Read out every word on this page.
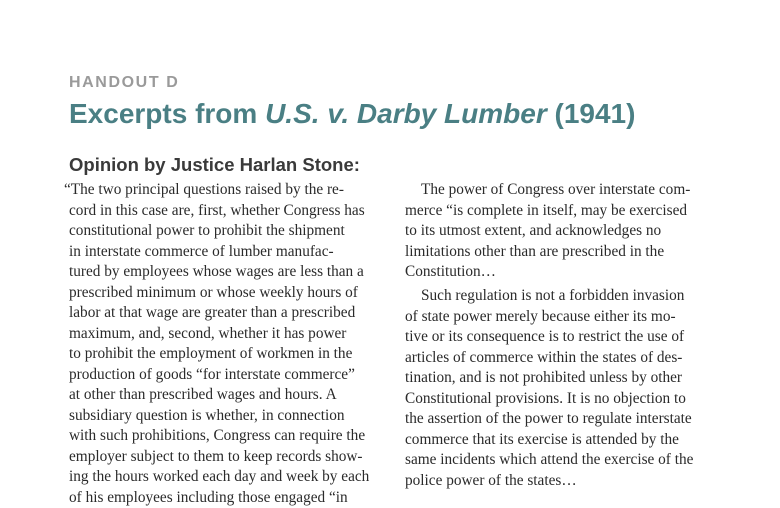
HANDOUT D

Excerpts from U.S. v. Darby Lumber (1941)
Opinion by Justice Harlan Stone:
“The two principal questions raised by the re-
cord in this case are, first, whether Congress has
constitutional power to prohibit the shipment
in interstate commerce of lumber manufac-
tured by employees whose wages are less than a
prescribed minimum or whose weekly hours of
labor at that wage are greater than a prescribed
maximum, and, second, whether it has power
to prohibit the employment of workmen in the
production of goods “for interstate commerce”
at other than prescribed wages and hours. A
subsidiary question is whether, in connection
with such prohibitions, Congress can require the
employer subject to them to keep records show-
ing the hours worked each day and week by each
of his employees including those engaged “in
The power of Congress over interstate com-
merce “is complete in itself, may be exercised
to its utmost extent, and acknowledges no
limitations other than are prescribed in the
Constitution…
Such regulation is not a forbidden invasion
of state power merely because either its mo-
tive or its consequence is to restrict the use of
articles of commerce within the states of des-
tination, and is not prohibited unless by other
Constitutional provisions. It is no objection to
the assertion of the power to regulate interstate
commerce that its exercise is attended by the
same incidents which attend the exercise of the
police power of the states…
